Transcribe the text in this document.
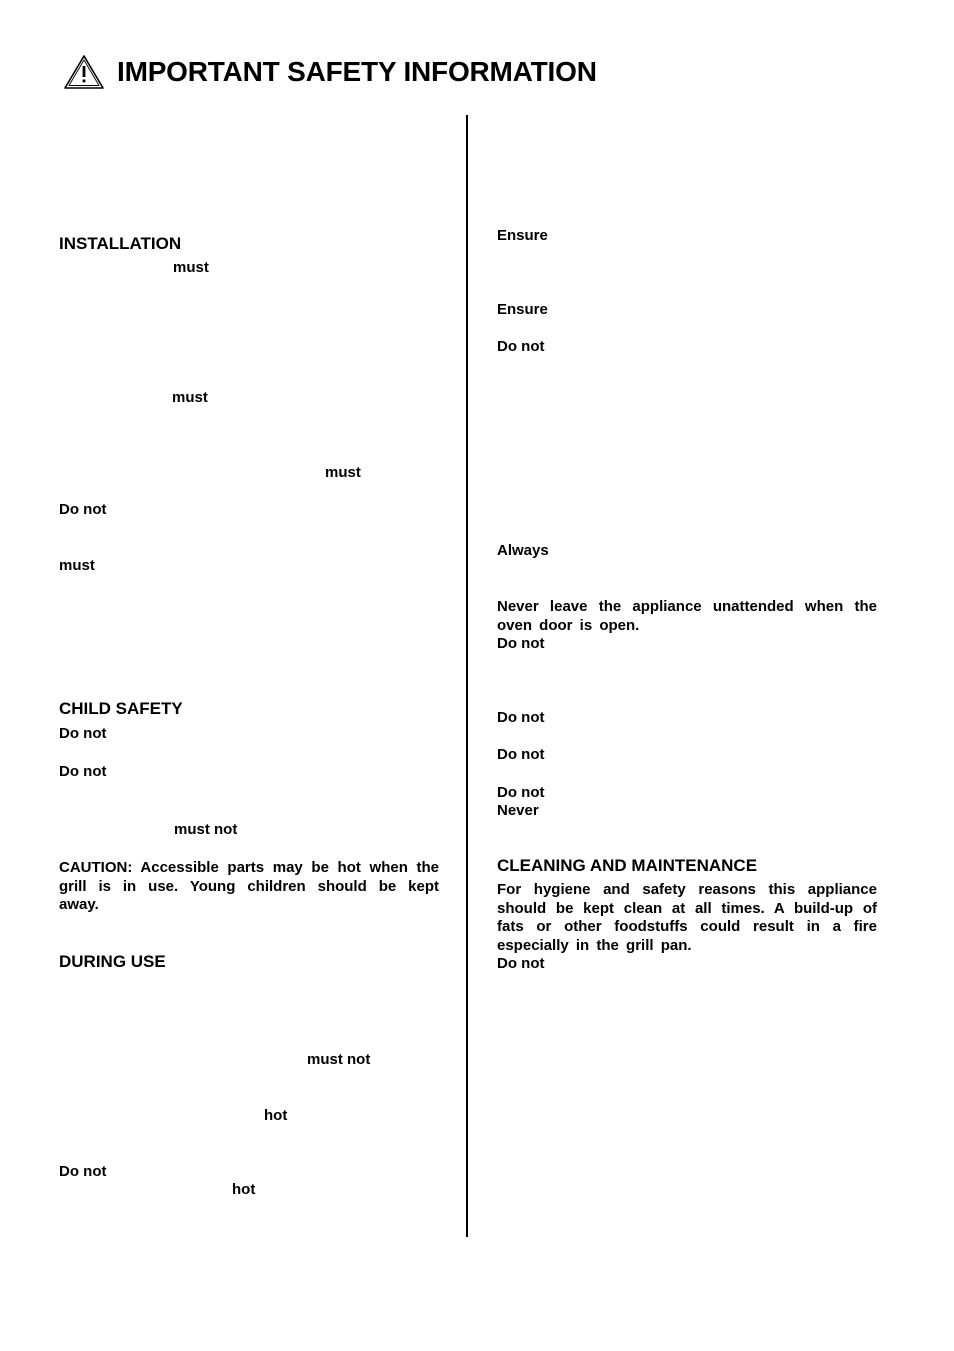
IMPORTANT SAFETY INFORMATION
INSTALLATION
must
must
must
Do not
must
CHILD SAFETY
Do not
Do not
must not
CAUTION: Accessible parts may be hot when the grill is in use. Young children should be kept away.
DURING USE
must not
hot
Do not
hot
Ensure
Ensure
Do not
Always
Never leave the appliance unattended when the oven door is open.
Do not
Do not
Do not
Do not
Never
CLEANING AND MAINTENANCE
For hygiene and safety reasons this appliance should be kept clean at all times. A build-up of fats or other foodstuffs could result in a fire especially in the grill pan.
Do not
